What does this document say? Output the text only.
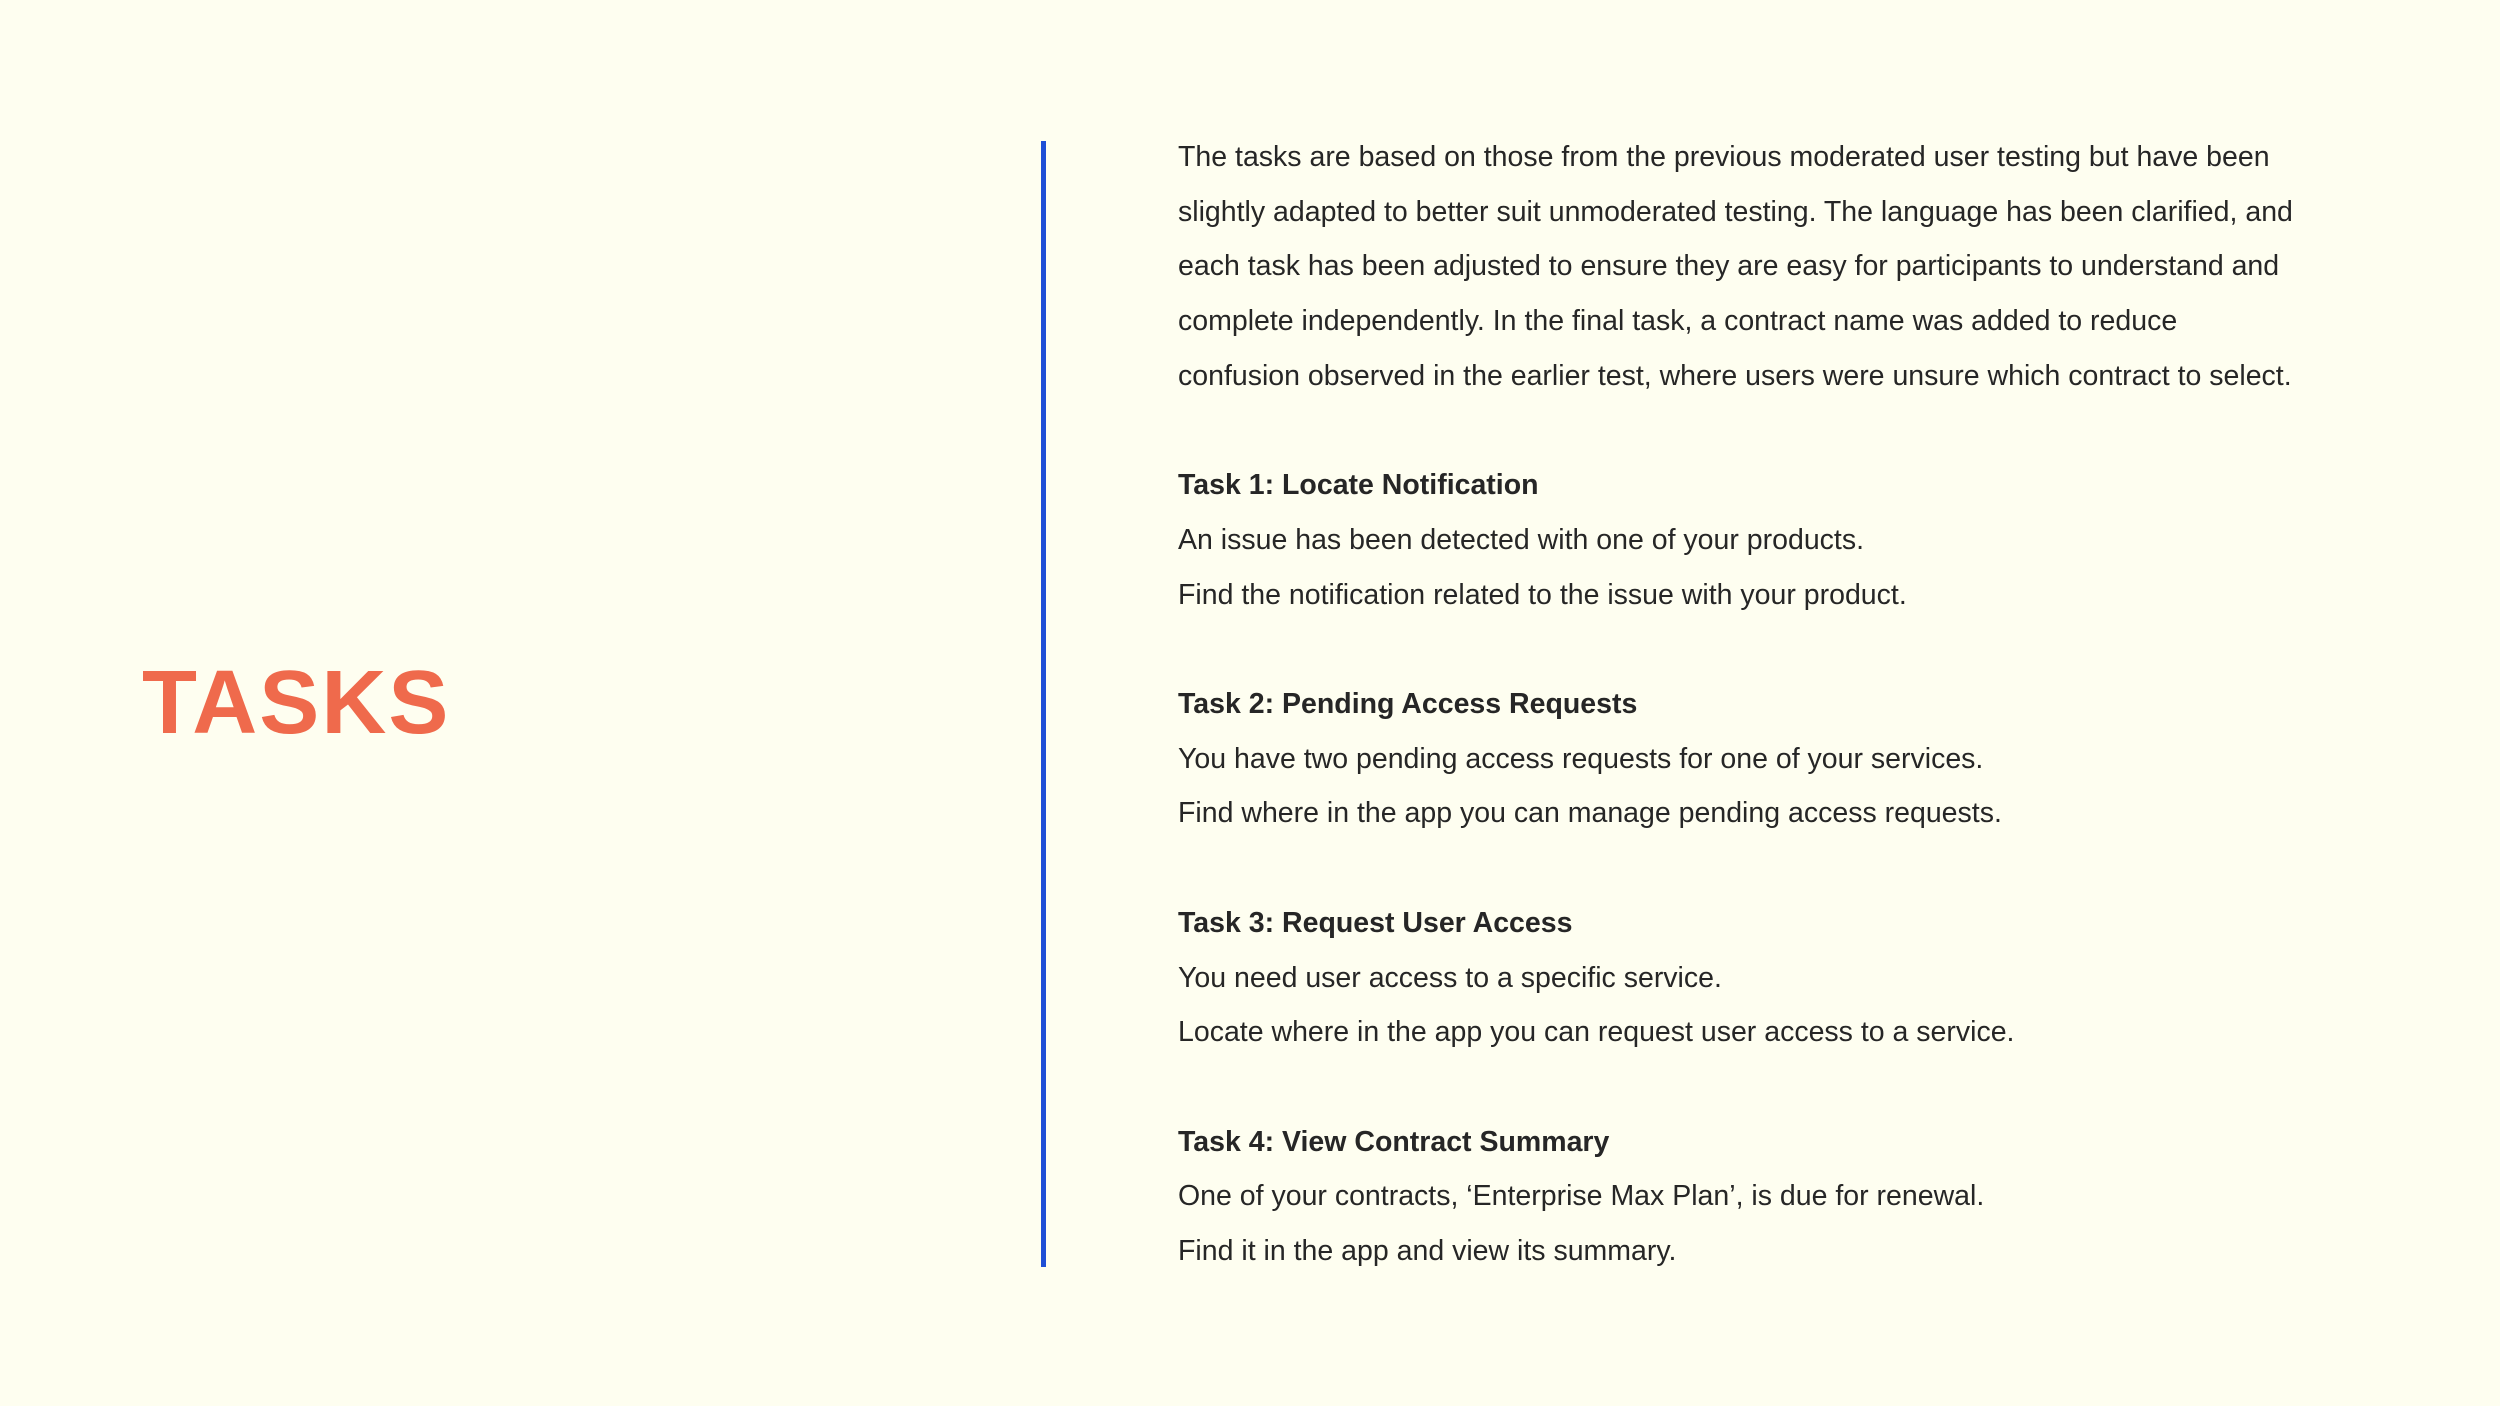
TASKS

The tasks are based on those from the previous moderated user testing but have been

slightly adapted to better suit unmoderated testing. The language has been clarified, and

each task has been adjusted to ensure they are easy for participants to understand and

complete independently. In the final task, a contract name was added to reduce

confusion observed in the earlier test, where users were unsure which contract to select.

Task 1: Locate Notification

An issue has been detected with one of your products.

Find the notification related to the issue with your product.

Task 2: Pending Access Requests

You have two pending access requests for one of your services.

Find where in the app you can manage pending access requests.

Task 3: Request User Access

You need user access to a specific service.

Locate where in the app you can request user access to a service.

Task 4: View Contract Summary

One of your contracts, ‘Enterprise Max Plan’, is due for renewal.

Find it in the app and view its summary.
